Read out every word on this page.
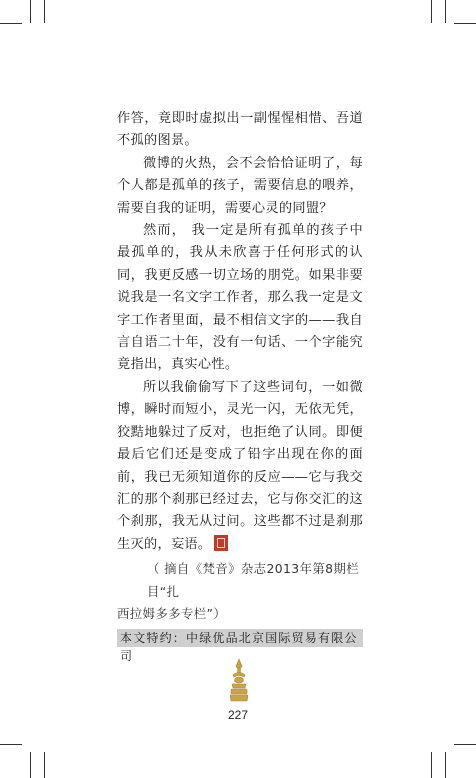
作答，竟即时虚拟出一副惺惺相惜、吾道不孤的图景。

微博的火热，会不会恰恰证明了，每个人都是孤单的孩子，需要信息的喂养，需要自我的证明，需要心灵的同盟？

然而， 我一定是所有孤单的孩子中最孤单的，我从未欣喜于任何形式的认同，我更反感一切立场的朋党。如果非要说我是一名文字工作者，那么我一定是文字工作者里面，最不相信文字的——我自言自语二十年，没有一句话、一个字能究竟指出，真实心性。

所以我偷偷写下了这些词句，一如微博，瞬时而短小，灵光一闪，无依无凭，狡黠地躲过了反对，也拒绝了认同。即便最后它们还是变成了铅字出现在你的面前，我已无须知道你的反应——它与我交汇的那个刹那已经过去，它与你交汇的这个刹那，我无从过问。这些都不过是刹那生灭的，妄语。

（ 摘自《梵音》杂志2013年第8期栏目“扎
西拉姆多多专栏”）
本文特约：中绿优品北京国际贸易有限公司
227
